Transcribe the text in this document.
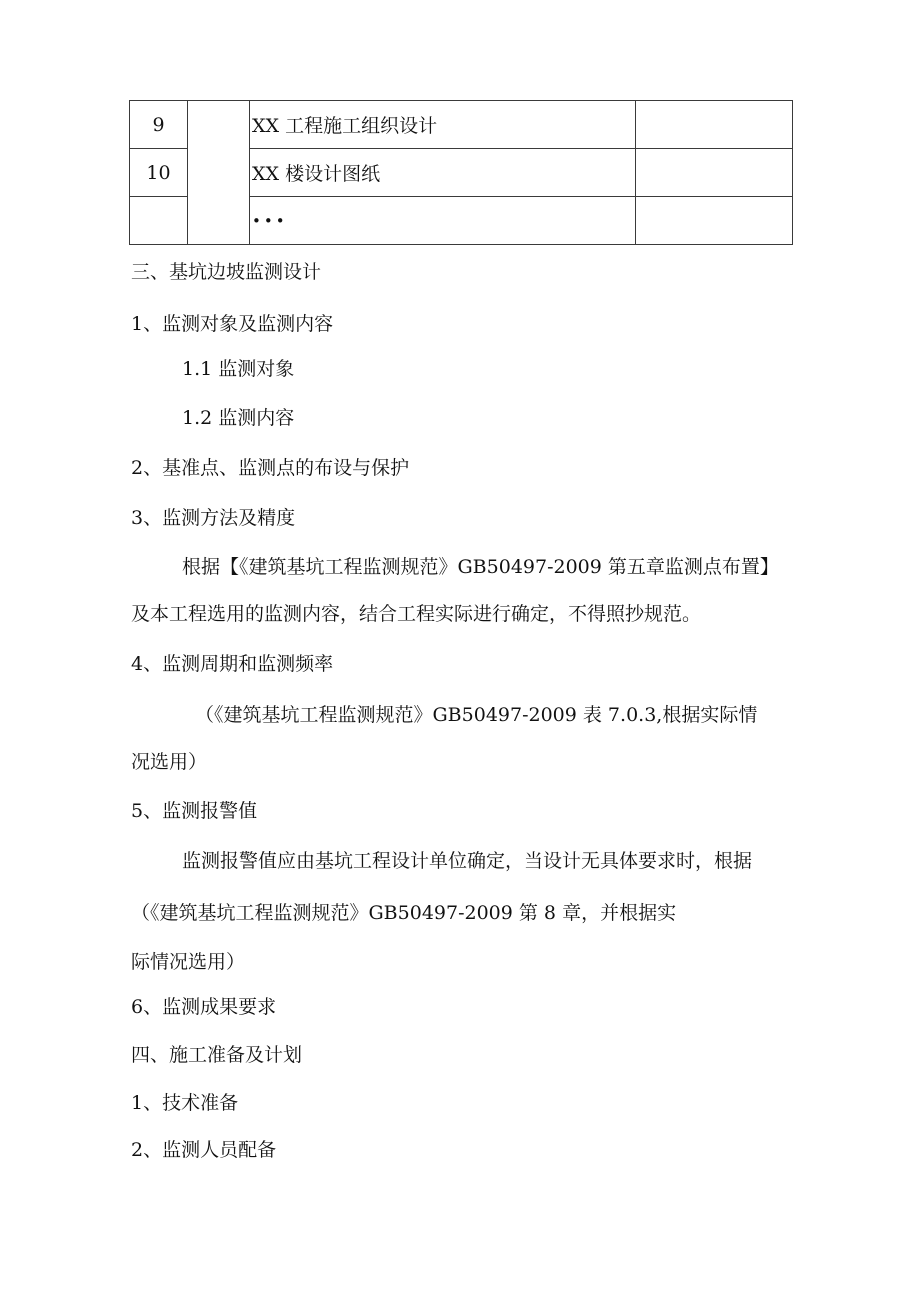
9		XX 工程施工组织设计	
10		XX 楼设计图纸	
		•••	
三、基坑边坡监测设计
1、监测对象及监测内容
1.1 监测对象
1.2 监测内容
2、基准点、监测点的布设与保护
3、监测方法及精度
根据【《建筑基坑工程监测规范》GB50497-2009 第五章监测点布置】
及本工程选用的监测内容，结合工程实际进行确定，不得照抄规范。
4、监测周期和监测频率
（《建筑基坑工程监测规范》GB50497-2009 表 7.0.3,根据实际情
况选用）
5、监测报警值
监测报警值应由基坑工程设计单位确定，当设计无具体要求时，根据
（《建筑基坑工程监测规范》GB50497-2009 第 8 章，并根据实
际情况选用）
6、监测成果要求
四、施工准备及计划
1、技术准备
2、监测人员配备
